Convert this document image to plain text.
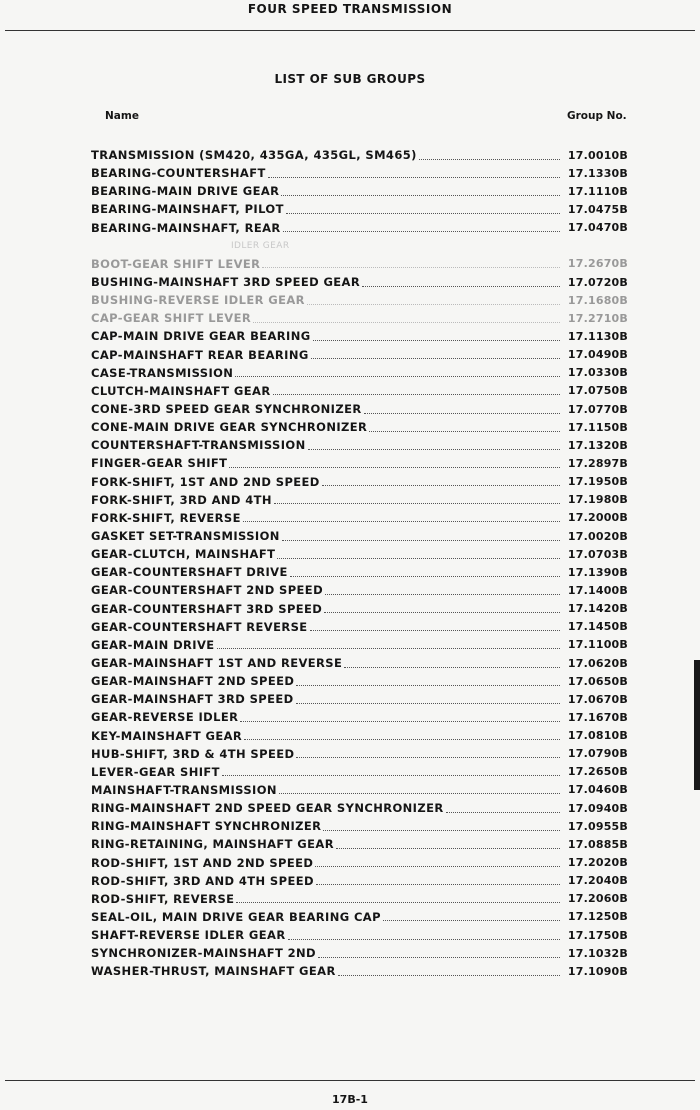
FOUR SPEED TRANSMISSION
LIST OF SUB GROUPS
Name	Group No.
TRANSMISSION (SM420, 435GA, 435GL, SM465)	17.0010B
BEARING-COUNTERSHAFT	17.1330B
BEARING-MAIN DRIVE GEAR	17.1110B
BEARING-MAINSHAFT, PILOT	17.0475B
BEARING-MAINSHAFT, REAR	17.0470B
IDLER GEAR
BOOT-GEAR SHIFT LEVER	17.2670B
BUSHING-MAINSHAFT 3RD SPEED GEAR	17.0720B
BUSHING-REVERSE IDLER GEAR	17.1680B
CAP-GEAR SHIFT LEVER	17.2710B
CAP-MAIN DRIVE GEAR BEARING	17.1130B
CAP-MAINSHAFT REAR BEARING	17.0490B
CASE-TRANSMISSION	17.0330B
CLUTCH-MAINSHAFT GEAR	17.0750B
CONE-3RD SPEED GEAR SYNCHRONIZER	17.0770B
CONE-MAIN DRIVE GEAR SYNCHRONIZER	17.1150B
COUNTERSHAFT-TRANSMISSION	17.1320B
FINGER-GEAR SHIFT	17.2897B
FORK-SHIFT, 1ST AND 2ND SPEED	17.1950B
FORK-SHIFT, 3RD AND 4TH	17.1980B
FORK-SHIFT, REVERSE	17.2000B
GASKET SET-TRANSMISSION	17.0020B
GEAR-CLUTCH, MAINSHAFT	17.0703B
GEAR-COUNTERSHAFT DRIVE	17.1390B
GEAR-COUNTERSHAFT 2ND SPEED	17.1400B
GEAR-COUNTERSHAFT 3RD SPEED	17.1420B
GEAR-COUNTERSHAFT REVERSE	17.1450B
GEAR-MAIN DRIVE	17.1100B
GEAR-MAINSHAFT 1ST AND REVERSE	17.0620B
GEAR-MAINSHAFT 2ND SPEED	17.0650B
GEAR-MAINSHAFT 3RD SPEED	17.0670B
GEAR-REVERSE IDLER	17.1670B
KEY-MAINSHAFT GEAR	17.0810B
HUB-SHIFT, 3RD & 4TH SPEED	17.0790B
LEVER-GEAR SHIFT	17.2650B
MAINSHAFT-TRANSMISSION	17.0460B
RING-MAINSHAFT 2ND SPEED GEAR SYNCHRONIZER	17.0940B
RING-MAINSHAFT SYNCHRONIZER	17.0955B
RING-RETAINING, MAINSHAFT GEAR	17.0885B
ROD-SHIFT, 1ST AND 2ND SPEED	17.2020B
ROD-SHIFT, 3RD AND 4TH SPEED	17.2040B
ROD-SHIFT, REVERSE	17.2060B
SEAL-OIL, MAIN DRIVE GEAR BEARING CAP	17.1250B
SHAFT-REVERSE IDLER GEAR	17.1750B
SYNCHRONIZER-MAINSHAFT 2ND	17.1032B
WASHER-THRUST, MAINSHAFT GEAR	17.1090B
17B-1
